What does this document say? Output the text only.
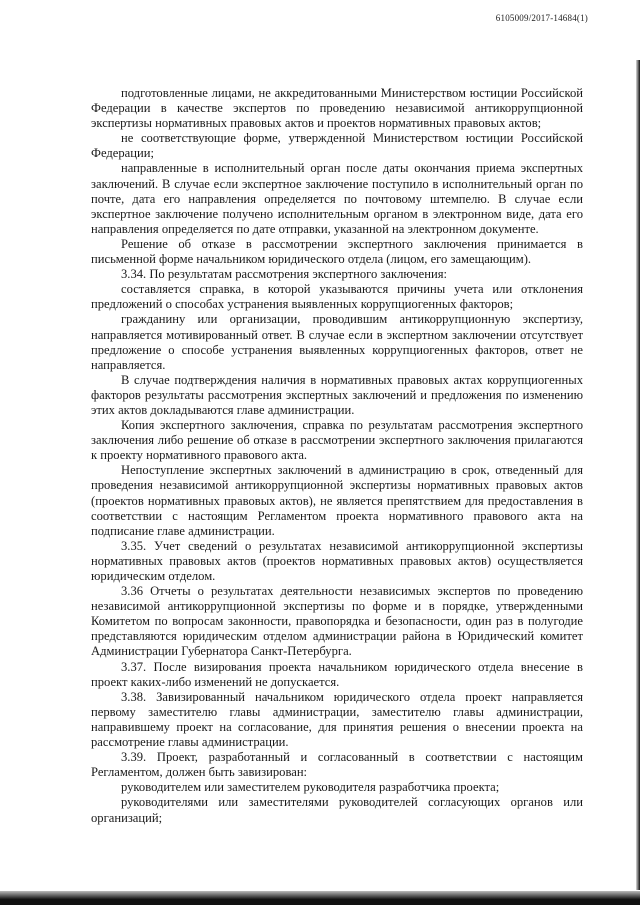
6105009/2017-14684(1)

подготовленные лицами, не аккредитованными Министерством юстиции Российской Федерации в качестве экспертов по проведению независимой антикоррупционной экспертизы нормативных правовых актов и проектов нормативных правовых актов;

не соответствующие форме, утвержденной Министерством юстиции Российской Федерации;

направленные в исполнительный орган после даты окончания приема экспертных заключений. В случае если экспертное заключение поступило в исполнительный орган по почте, дата его направления определяется по почтовому штемпелю. В случае если экспертное заключение получено исполнительным органом в электронном виде, дата его направления определяется по дате отправки, указанной на электронном документе.

Решение об отказе в рассмотрении экспертного заключения принимается в письменной форме начальником юридического отдела (лицом, его замещающим).

3.34. По результатам рассмотрения экспертного заключения:

составляется справка, в которой указываются причины учета или отклонения предложений о способах устранения выявленных коррупциогенных факторов;

гражданину или организации, проводившим антикоррупционную экспертизу, направляется мотивированный ответ. В случае если в экспертном заключении отсутствует предложение о способе устранения выявленных коррупциогенных факторов, ответ не направляется.

В случае подтверждения наличия в нормативных правовых актах коррупциогенных факторов результаты рассмотрения экспертных заключений и предложения по изменению этих актов докладываются главе администрации.

Копия экспертного заключения, справка по результатам рассмотрения экспертного заключения либо решение об отказе в рассмотрении экспертного заключения прилагаются к проекту нормативного правового акта.

Непоступление экспертных заключений в администрацию в срок, отведенный для проведения независимой антикоррупционной экспертизы нормативных правовых актов (проектов нормативных правовых актов), не является препятствием для предоставления в соответствии с настоящим Регламентом проекта нормативного правового акта на подписание главе администрации.

3.35. Учет сведений о результатах независимой антикоррупционной экспертизы нормативных правовых актов (проектов нормативных правовых актов) осуществляется юридическим отделом.

3.36 Отчеты о результатах деятельности независимых экспертов по проведению независимой антикоррупционной экспертизы по форме и в порядке, утвержденными Комитетом по вопросам законности, правопорядка и безопасности, один раз в полугодие представляются юридическим отделом администрации района в Юридический комитет Администрации Губернатора Санкт-Петербурга.

3.37. После визирования проекта начальником юридического отдела внесение в проект каких-либо изменений не допускается.

3.38. Завизированный начальником юридического отдела проект направляется первому заместителю главы администрации, заместителю главы администрации, направившему проект на согласование, для принятия решения о внесении проекта на рассмотрение главы администрации.

3.39. Проект, разработанный и согласованный в соответствии с настоящим Регламентом, должен быть завизирован:

руководителем или заместителем руководителя разработчика проекта;

руководителями или заместителями руководителей согласующих органов или организаций;
